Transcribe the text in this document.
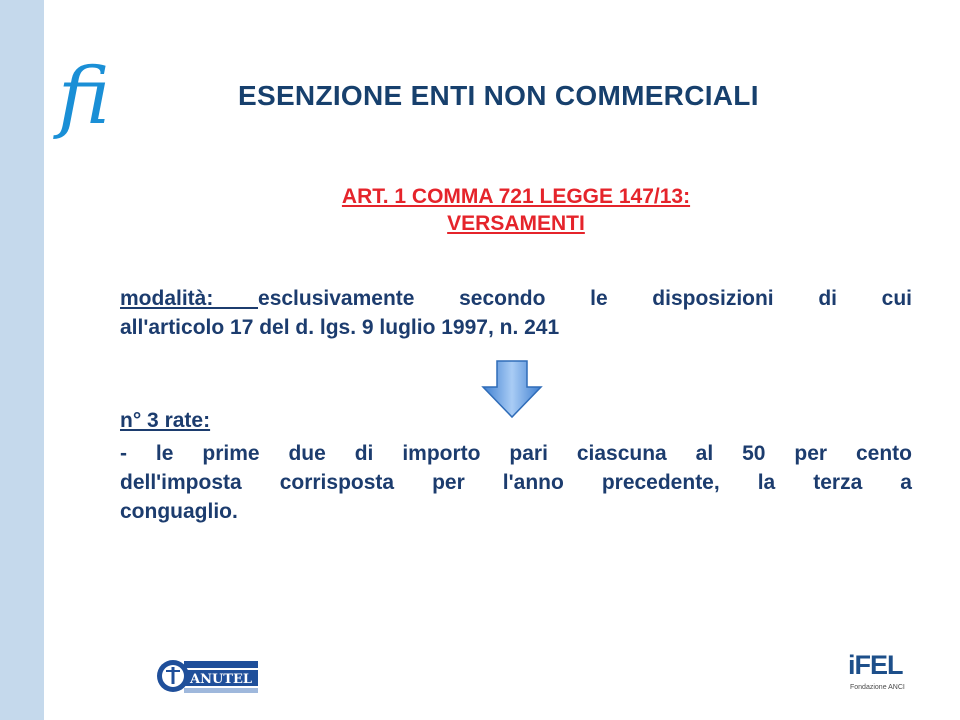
fi	ESENZIONE ENTI NON COMMERCIALI
ART. 1 COMMA 721 LEGGE 147/13:
VERSAMENTI
modalità: esclusivamente secondo le disposizioni di cui
all'articolo 17 del d. lgs. 9 luglio 1997, n. 241
n° 3 rate:
- le prime due di importo pari ciascuna al 50 per cento
dell'imposta corrisposta per l'anno precedente, la terza a
conguaglio.
ANUTEL	iFEL
Fondazione ANCI
